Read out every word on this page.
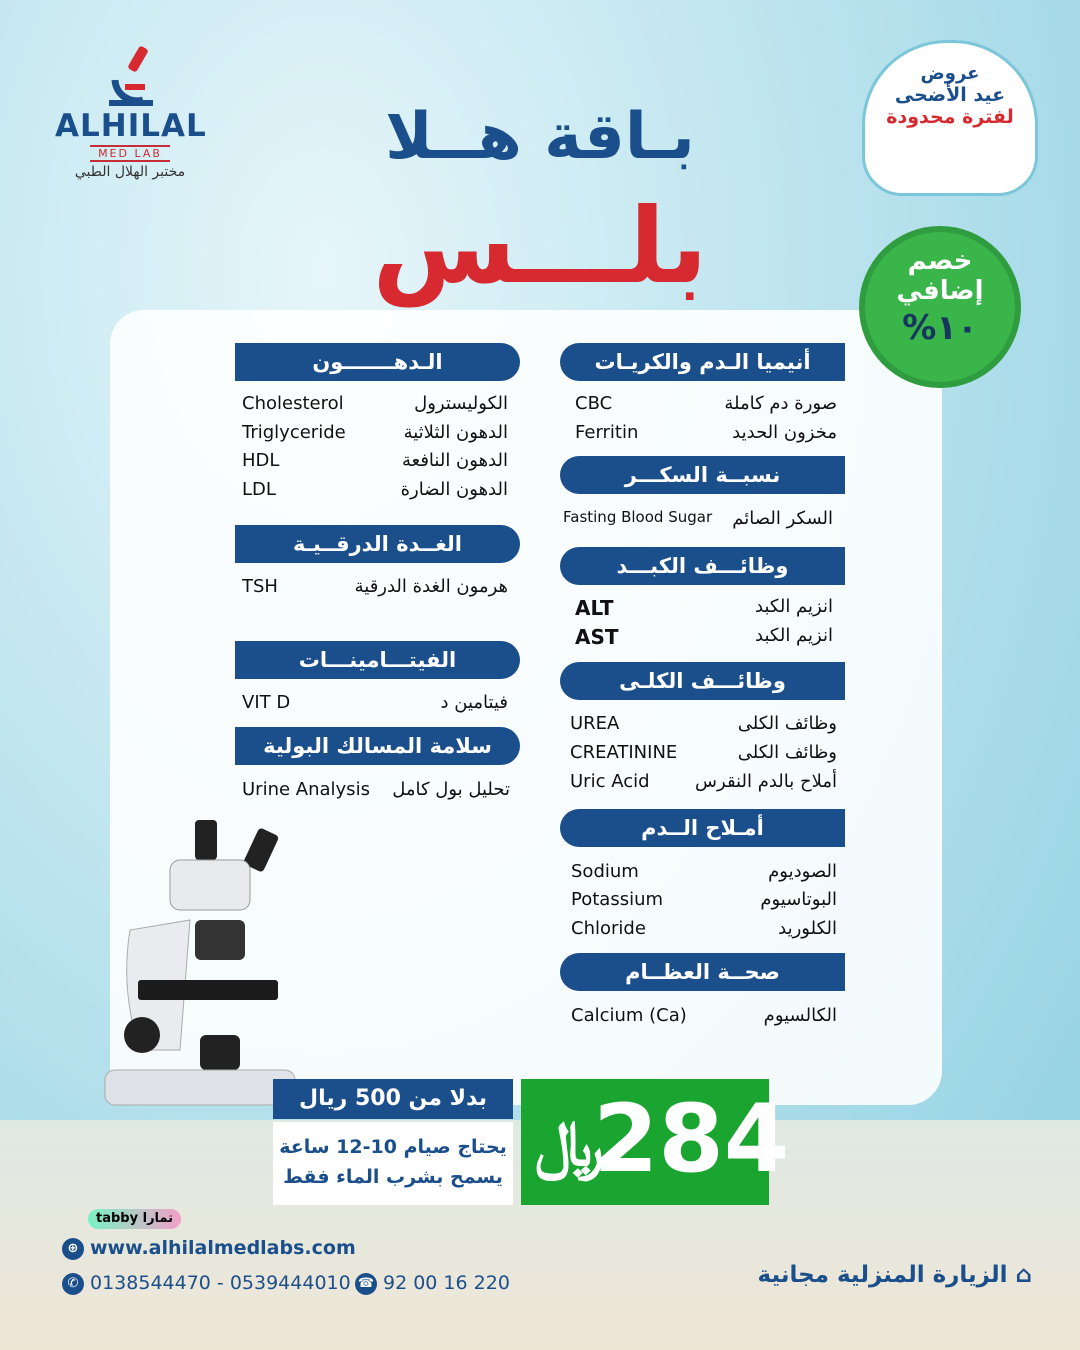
ALHILAL
MED LAB
مختبر الهلال الطبي
عروض
عيد الأضحى
لفترة محدودة
بـاقة هــلا
بلـــس	خصم
إضافي
%١٠
أنيميا الـدم والكريـات
CBC	صورة دم كاملة
Ferritin	مخزون الحديد
نسبــة السكـــر
Fasting Blood Sugar السكر الصائم
وظائـــف الكبـــد
ALT	انزيم الكبد
AST	انزيم الكبد
وظائـــف الكلـى
UREA	وظائف الكلى
CREATININE	وظائف الكلى
Uric Acid	أملاح بالدم النقرس
أمـلاح الــدم
Sodium	الصوديوم
Potassium	البوتاسيوم
Chloride	الكلوريد
صحــة العظــام
Calcium (Ca)	الكالسيوم
الـدهـــــــون
Cholesterol	الكوليسترول
Triglyceride	الدهون الثلاثية
HDL	الدهون النافعة
LDL	الدهون الضارة
الغــدة الدرقــيـة
TSH	هرمون الغدة الدرقية
الفيتـــامينـــات
VIT D	فيتامين د
سلامة المسالك البولية
Urine Analysis تحليل بول كامل
بدلا من 500 ريال
يحتاج صيام 10-12 ساعة
يسمح بشرب الماء فقط ﷼
284
tabby تمارا
⊕ www.alhilalmedlabs.com
✆ 0138544470 - 0539444010 ☎ 92 00 16 220	الزيارة المنزلية مجانية ⌂
